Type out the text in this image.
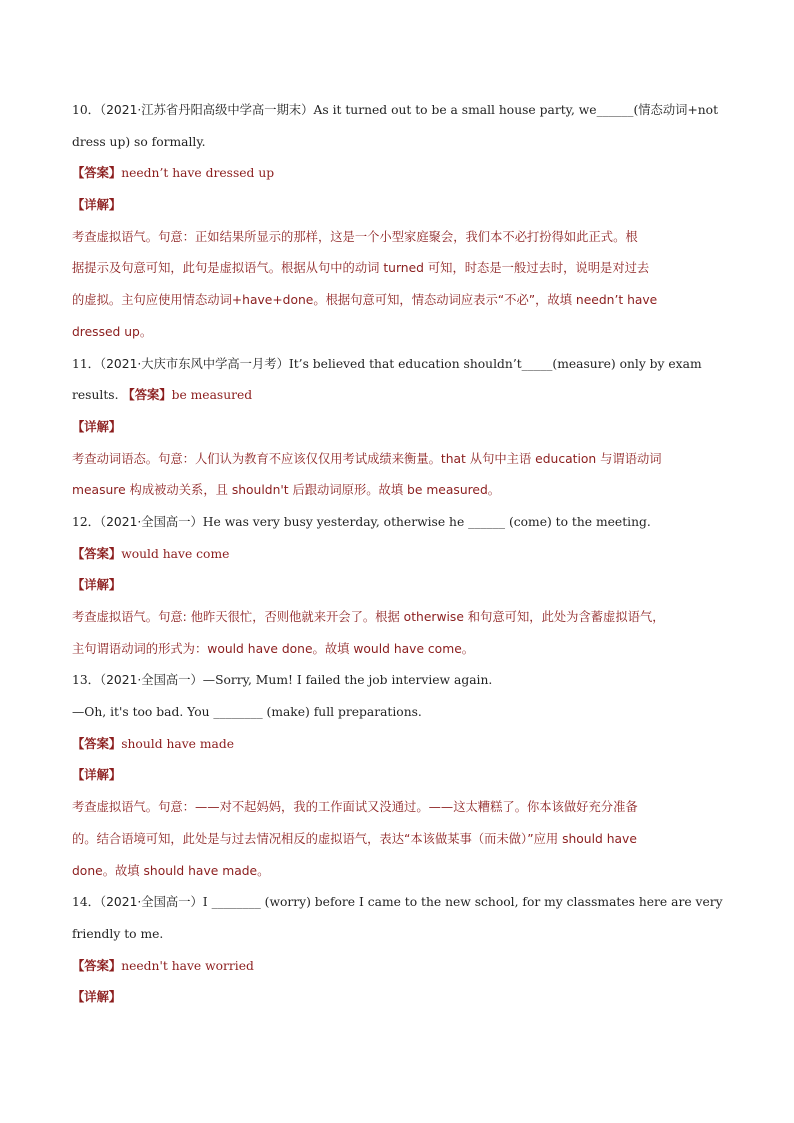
10．（2021·江苏省丹阳高级中学高一期末）As it turned out to be a small house party, we______(情态动词+not
dress up) so formally.
【答案】needn’t have dressed up
【详解】
考查虚拟语气。句意：正如结果所显示的那样，这是一个小型家庭聚会，我们本不必打扮得如此正式。根
据提示及句意可知，此句是虚拟语气。根据从句中的动词 turned 可知，时态是一般过去时，说明是对过去
的虚拟。主句应使用情态动词+have+done。根据句意可知，情态动词应表示“不必”，故填 needn’t have
dressed up。
11．（2021·大庆市东风中学高一月考）It’s believed that education shouldn’t_____(measure) only by exam
results. 【答案】be measured
【详解】
考查动词语态。句意：人们认为教育不应该仅仅用考试成绩来衡量。that 从句中主语 education 与谓语动词
measure 构成被动关系，且 shouldn't 后跟动词原形。故填 be measured。
12．（2021·全国高一）He was very busy yesterday, otherwise he ______ (come) to the meeting.
【答案】would have come
【详解】
考查虚拟语气。句意: 他昨天很忙，否则他就来开会了。根据 otherwise 和句意可知，此处为含蓄虚拟语气，
主句谓语动词的形式为：would have done。故填 would have come。
13．（2021·全国高一）—Sorry, Mum! I failed the job interview again.
—Oh, it's too bad. You ________ (make) full preparations.
【答案】should have made
【详解】
考查虚拟语气。句意：——对不起妈妈，我的工作面试又没通过。——这太糟糕了。你本该做好充分准备
的。结合语境可知，此处是与过去情况相反的虚拟语气，表达“本该做某事（而未做）”应用 should have
done。故填 should have made。
14．（2021·全国高一）I ________ (worry) before I came to the new school, for my classmates here are very
friendly to me.
【答案】needn't have worried
【详解】
